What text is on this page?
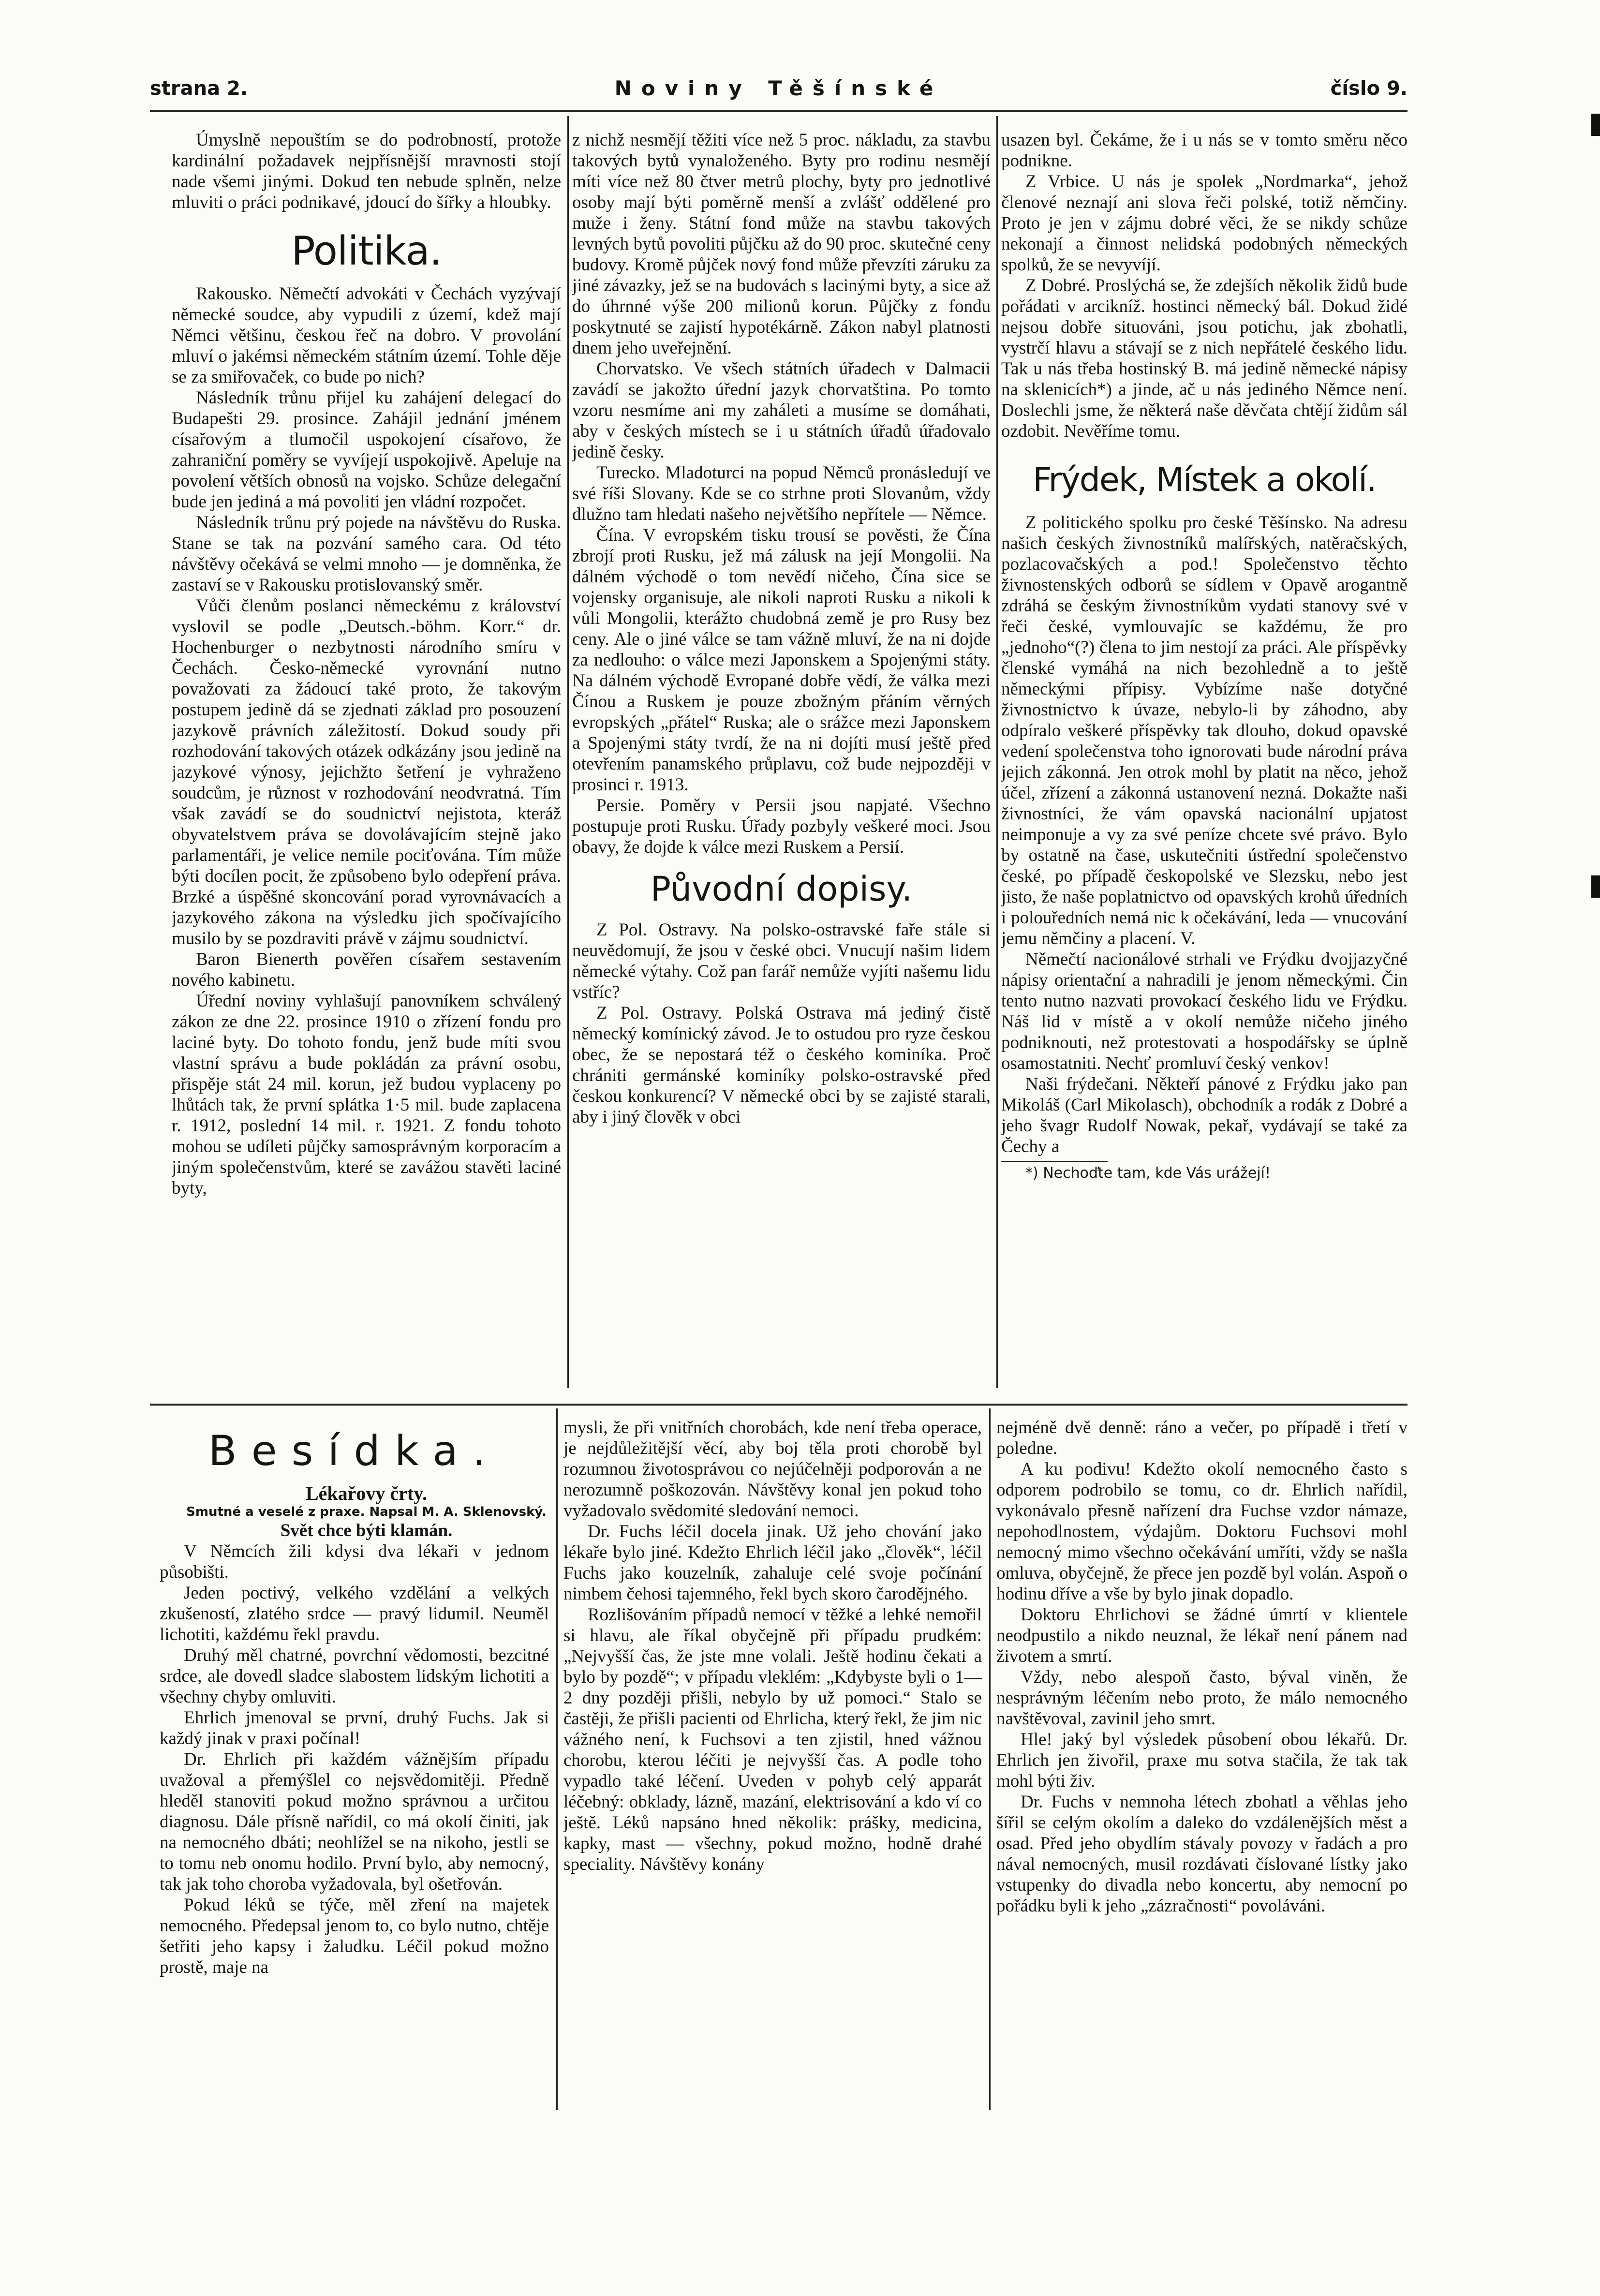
strana 2.	Noviny Těšínské	číslo 9.

Úmyslně nepouštím se do podrobností, protože kardinální požadavek nejpřísnější mravnosti stojí nade všemi jinými. Dokud ten nebude splněn, nelze mluviti o práci podnikavé, jdoucí do šířky a hloubky.

Politika.

Rakousko. Němečtí advokáti v Čechách vyzývají německé soudce, aby vypudili z území, kdež mají Němci většinu, českou řeč na dobro. V provolání mluví o jakémsi německém státním území. Tohle děje se za smiřovaček, co bude po nich?

Následník trůnu přijel ku zahájení delegací do Budapešti 29. prosince. Zahájil jednání jménem císařovým a tlumočil uspokojení císařovo, že zahraniční poměry se vyvíjejí uspokojivě. Apeluje na povolení větších obnosů na vojsko. Schůze delegační bude jen jediná a má povoliti jen vládní rozpočet.

Následník trůnu prý pojede na návštěvu do Ruska. Stane se tak na pozvání samého cara. Od této návštěvy očekává se velmi mnoho — je domněnka, že zastaví se v Rakousku protislovanský směr.

Vůči členům poslanci německému z království vyslovil se podle „Deutsch.-böhm. Korr.“ dr. Hochenburger o nezbytnosti národního smíru v Čechách. Česko-německé vyrovnání nutno považovati za žádoucí také proto, že takovým postupem jedině dá se zjednati základ pro posouzení jazykově právních záležitostí. Dokud soudy při rozhodování takových otázek odkázány jsou jedině na jazykové výnosy, jejichžto šetření je vyhraženo soudcům, je různost v rozhodování neodvratná. Tím však zavádí se do soudnictví nejistota, kteráž obyvatelstvem práva se dovolávajícím stejně jako parlamentáři, je velice nemile pociťována. Tím může býti docílen pocit, že způsobeno bylo odepření práva. Brzké a úspěšné skoncování porad vyrovnávacích a jazykového zákona na výsledku jich spočívajícího musilo by se pozdraviti právě v zájmu soudnictví.

Baron Bienerth pověřen císařem sestavením nového kabinetu.

Úřední noviny vyhlašují panovníkem schválený zákon ze dne 22. prosince 1910 o zřízení fondu pro laciné byty. Do tohoto fondu, jenž bude míti svou vlastní správu a bude pokládán za právní osobu, přispěje stát 24 mil. korun, jež budou vyplaceny po lhůtách tak, že první splátka 1·5 mil. bude zaplacena r. 1912, poslední 14 mil. r. 1921. Z fondu tohoto mohou se udíleti půjčky samosprávným korporacím a jiným společenstvům, které se zavážou stavěti laciné byty,

z nichž nesmějí těžiti více než 5 proc. nákladu, za stavbu takových bytů vynaloženého. Byty pro rodinu nesmějí míti více než 80 čtver metrů plochy, byty pro jednotlivé osoby mají býti poměrně menší a zvlášť oddělené pro muže i ženy. Státní fond může na stavbu takových levných bytů povoliti půjčku až do 90 proc. skutečné ceny budovy. Kromě půjček nový fond může převzíti záruku za jiné závazky, jež se na budovách s lacinými byty, a sice až do úhrnné výše 200 milionů korun. Půjčky z fondu poskytnuté se zajistí hypotékárně. Zákon nabyl platnosti dnem jeho uveřejnění.

Chorvatsko. Ve všech státních úřadech v Dalmacii zavádí se jakožto úřední jazyk chorvatština. Po tomto vzoru nesmíme ani my zaháleti a musíme se domáhati, aby v českých místech se i u státních úřadů úřadovalo jedině česky.

Turecko. Mladoturci na popud Němců pronásledují ve své říši Slovany. Kde se co strhne proti Slovanům, vždy dlužno tam hledati našeho největšího nepřítele — Němce.

Čína. V evropském tisku trousí se pověsti, že Čína zbrojí proti Rusku, jež má zálusk na její Mongolii. Na dálném východě o tom nevědí ničeho, Čína sice se vojensky organisuje, ale nikoli naproti Rusku a nikoli k vůli Mongolii, kterážto chudobná země je pro Rusy bez ceny. Ale o jiné válce se tam vážně mluví, že na ni dojde za nedlouho: o válce mezi Japonskem a Spojenými státy. Na dálném východě Evropané dobře vědí, že válka mezi Čínou a Ruskem je pouze zbožným přáním věrných evropských „přátel“ Ruska; ale o srážce mezi Japonskem a Spojenými státy tvrdí, že na ni dojíti musí ještě před otevřením panamského průplavu, což bude nejpozději v prosinci r. 1913.

Persie. Poměry v Persii jsou napjaté. Všechno postupuje proti Rusku. Úřady pozbyly veškeré moci. Jsou obavy, že dojde k válce mezi Ruskem a Persií.

Původní dopisy.

Z Pol. Ostravy. Na polsko-ostravské faře stále si neuvědomují, že jsou v české obci. Vnucují našim lidem německé výtahy. Což pan farář nemůže vyjíti našemu lidu vstříc?

Z Pol. Ostravy. Polská Ostrava má jediný čistě německý komínický závod. Je to ostudou pro ryze českou obec, že se nepostará též o českého kominíka. Proč chrániti germánské kominíky polsko-ostravské před českou konkurencí? V německé obci by se zajisté starali, aby i jiný člověk v obci

usazen byl. Čekáme, že i u nás se v tomto směru něco podnikne.

Z Vrbice. U nás je spolek „Nordmarka“, jehož členové neznají ani slova řeči polské, totiž němčiny. Proto je jen v zájmu dobré věci, že se nikdy schůze nekonají a činnost nelidská podobných německých spolků, že se nevyvíjí.

Z Dobré. Proslýchá se, že zdejších několik židů bude pořádati v arcikníž. hostinci německý bál. Dokud židé nejsou dobře situováni, jsou potichu, jak zbohatli, vystrčí hlavu a stávají se z nich nepřátelé českého lidu. Tak u nás třeba hostinský B. má jedině německé nápisy na sklenicích*) a jinde, ač u nás jediného Němce není. Doslechli jsme, že některá naše děvčata chtějí židům sál ozdobit. Nevěříme tomu.

Frýdek, Místek a okolí.

Z politického spolku pro české Těšínsko. Na adresu našich českých živnostníků malířských, natěračských, pozlacovačských a pod.! Společenstvo těchto živnostenských odborů se sídlem v Opavě arogantně zdráhá se českým živnostníkům vydati stanovy své v řeči české, vymlouvajíc se každému, že pro „jednoho“(?) člena to jim nestojí za práci. Ale příspěvky členské vymáhá na nich bezohledně a to ještě německými přípisy. Vybízíme naše dotyčné živnostnictvo k úvaze, nebylo-li by záhodno, aby odpíralo veškeré příspěvky tak dlouho, dokud opavské vedení společenstva toho ignorovati bude národní práva jejich zákonná. Jen otrok mohl by platit na něco, jehož účel, zřízení a zákonná ustanovení nezná. Dokažte naši živnostníci, že vám opavská nacionální upjatost neimponuje a vy za své peníze chcete své právo. Bylo by ostatně na čase, uskutečniti ústřední společenstvo české, po případě českopolské ve Slezsku, nebo jest jisto, že naše poplatnictvo od opavských krohů úředních i polouředních nemá nic k očekávání, leda — vnucování jemu němčiny a placení. V.

Němečtí nacionálové strhali ve Frýdku dvojjazyčné nápisy orientační a nahradili je jenom německými. Čin tento nutno nazvati provokací českého lidu ve Frýdku. Náš lid v místě a v okolí nemůže ničeho jiného podniknouti, než protestovati a hospodářsky se úplně osamostatniti. Nechť promluví český venkov!

Naši frýdečani. Někteří pánové z Frýdku jako pan Mikoláš (Carl Mikolasch), obchodník a rodák z Dobré a jeho švagr Rudolf Nowak, pekař, vydávají se také za Čechy a

*) Nechoďte tam, kde Vás urážejí!

Besídka.

Lékařovy črty.

Smutné a veselé z praxe. Napsal M. A. Sklenovský.

Svět chce býti klamán.

V Němcích žili kdysi dva lékaři v jednom působišti.

Jeden poctivý, velkého vzdělání a velkých zkušeností, zlatého srdce — pravý lidumil. Neuměl lichotiti, každému řekl pravdu.

Druhý měl chatrné, povrchní vědomosti, bezcitné srdce, ale dovedl sladce slabostem lidským lichotiti a všechny chyby omluviti.

Ehrlich jmenoval se první, druhý Fuchs. Jak si každý jinak v praxi počínal!

Dr. Ehrlich při každém vážnějším případu uvažoval a přemýšlel co nejsvědomitěji. Předně hleděl stanoviti pokud možno správnou a určitou diagnosu. Dále přísně nařídil, co má okolí činiti, jak na nemocného dbáti; neohlížel se na nikoho, jestli se to tomu neb onomu hodilo. První bylo, aby nemocný, tak jak toho choroba vyžadovala, byl ošetřován.

Pokud léků se týče, měl zření na majetek nemocného. Předepsal jenom to, co bylo nutno, chtěje šetřiti jeho kapsy i žaludku. Léčil pokud možno prostě, maje na

mysli, že při vnitřních chorobách, kde není třeba operace, je nejdůležitější věcí, aby boj těla proti chorobě byl rozumnou životosprávou co nejúčelněji podporován a ne nerozumně poškozován. Návštěvy konal jen pokud toho vyžadovalo svědomité sledování nemoci.

Dr. Fuchs léčil docela jinak. Už jeho chování jako lékaře bylo jiné. Kdežto Ehrlich léčil jako „člověk“, léčil Fuchs jako kouzelník, zahaluje celé svoje počínání nimbem čehosi tajemného, řekl bych skoro čarodějného.

Rozlišováním případů nemocí v těžké a lehké nemořil si hlavu, ale říkal obyčejně při případu prudkém: „Nejvyšší čas, že jste mne volali. Ještě hodinu čekati a bylo by pozdě“; v případu vleklém: „Kdybyste byli o 1—2 dny později přišli, nebylo by už pomoci.“ Stalo se častěji, že přišli pacienti od Ehrlicha, který řekl, že jim nic vážného není, k Fuchsovi a ten zjistil, hned vážnou chorobu, kterou léčiti je nejvyšší čas. A podle toho vypadlo také léčení. Uveden v pohyb celý apparát léčebný: obklady, lázně, mazání, elektrisování a kdo ví co ještě. Léků napsáno hned několik: prášky, medicina, kapky, mast — všechny, pokud možno, hodně drahé speciality. Návštěvy konány

nejméně dvě denně: ráno a večer, po případě i třetí v poledne.

A ku podivu! Kdežto okolí nemocného často s odporem podrobilo se tomu, co dr. Ehrlich nařídil, vykonávalo přesně nařízení dra Fuchse vzdor námaze, nepohodlnostem, výdajům. Doktoru Fuchsovi mohl nemocný mimo všechno očekávání umříti, vždy se našla omluva, obyčejně, že přece jen pozdě byl volán. Aspoň o hodinu dříve a vše by bylo jinak dopadlo.

Doktoru Ehrlichovi se žádné úmrtí v klientele neodpustilo a nikdo neuznal, že lékař není pánem nad životem a smrtí.

Vždy, nebo alespoň často, býval viněn, že nesprávným léčením nebo proto, že málo nemocného navštěvoval, zavinil jeho smrt.

Hle! jaký byl výsledek působení obou lékařů. Dr. Ehrlich jen živořil, praxe mu sotva stačila, že tak tak mohl býti živ.

Dr. Fuchs v nemnoha létech zbohatl a věhlas jeho šířil se celým okolím a daleko do vzdálenějších měst a osad. Před jeho obydlím stávaly povozy v řadách a pro nával nemocných, musil rozdávati číslované lístky jako vstupenky do divadla nebo koncertu, aby nemocní po pořádku byli k jeho „zázračnosti“ povoláváni.
